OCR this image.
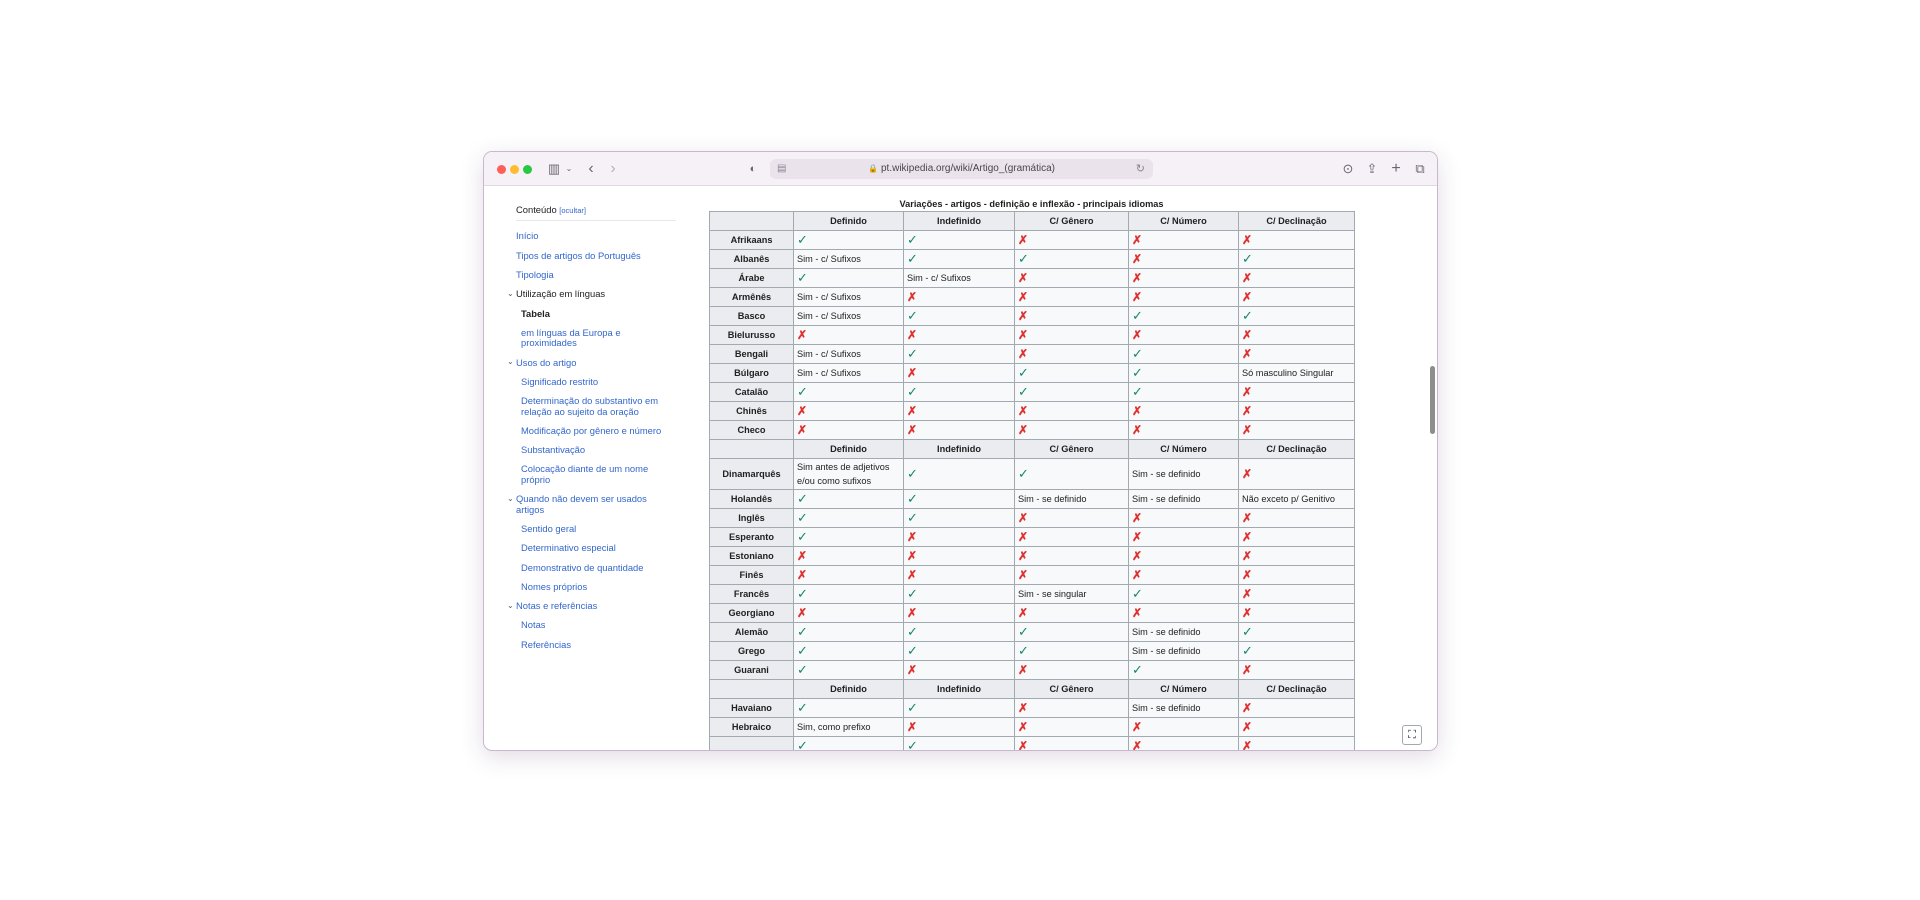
▥ ⌄ ‹ ›	◐	▤	🔒 pt.wikipedia.org/wiki/Artigo_(gramática)	↻	⊙ ⇪ + ⧉
Conteúdo [ocultar]
Início
Tipos de artigos do Português
Tipologia
⌄ Utilização em línguas
Tabela
em línguas da Europa e proximidades
⌄ Usos do artigo
Significado restrito
Determinação do substantivo em relação ao sujeito da oração
Modificação por gênero e número
Substantivação
Colocação diante de um nome próprio
⌄ Quando não devem ser usados artigos
Sentido geral
Determinativo especial
Demonstrativo de quantidade
Nomes próprios
⌄ Notas e referências
Notas
Referências
Variações - artigos - definição e inflexão - principais idiomas
	Definido	Indefinido	C/ Gênero	C/ Número	C/ Declinação
Afrikaans	✓	✓	✗	✗	✗
Albanês	Sim - c/ Sufixos	✓	✓	✗	✓
Árabe	✓	Sim - c/ Sufixos	✗	✗	✗
Armênês	Sim - c/ Sufixos	✗	✗	✗	✗
Basco	Sim - c/ Sufixos	✓	✗	✓	✓
Bielurusso	✗	✗	✗	✗	✗
Bengali	Sim - c/ Sufixos	✓	✗	✓	✗
Búlgaro	Sim - c/ Sufixos	✗	✓	✓	Só masculino Singular
Catalão	✓	✓	✓	✓	✗
Chinês	✗	✗	✗	✗	✗
Checo	✗	✗	✗	✗	✗
	Definido	Indefinido	C/ Gênero	C/ Número	C/ Declinação
Dinamarquês	Sim antes de adjetivos e/ou como sufixos	✓	✓	Sim - se definido	✗
Holandês	✓	✓	Sim - se definido	Sim - se definido	Não exceto p/ Genitivo
Inglês	✓	✓	✗	✗	✗
Esperanto	✓	✗	✗	✗	✗
Estoniano	✗	✗	✗	✗	✗
Finês	✗	✗	✗	✗	✗
Francês	✓	✓	Sim - se singular	✓	✗
Georgiano	✗	✗	✗	✗	✗
Alemão	✓	✓	✓	Sim - se definido	✓
Grego	✓	✓	✓	Sim - se definido	✓
Guarani	✓	✗	✗	✓	✗
	Definido	Indefinido	C/ Gênero	C/ Número	C/ Declinação
Havaiano	✓	✓	✗	Sim - se definido	✗
Hebraico	Sim, como prefixo	✗	✗	✗	✗
	✓	✓	✗	✗	✗
⛶
